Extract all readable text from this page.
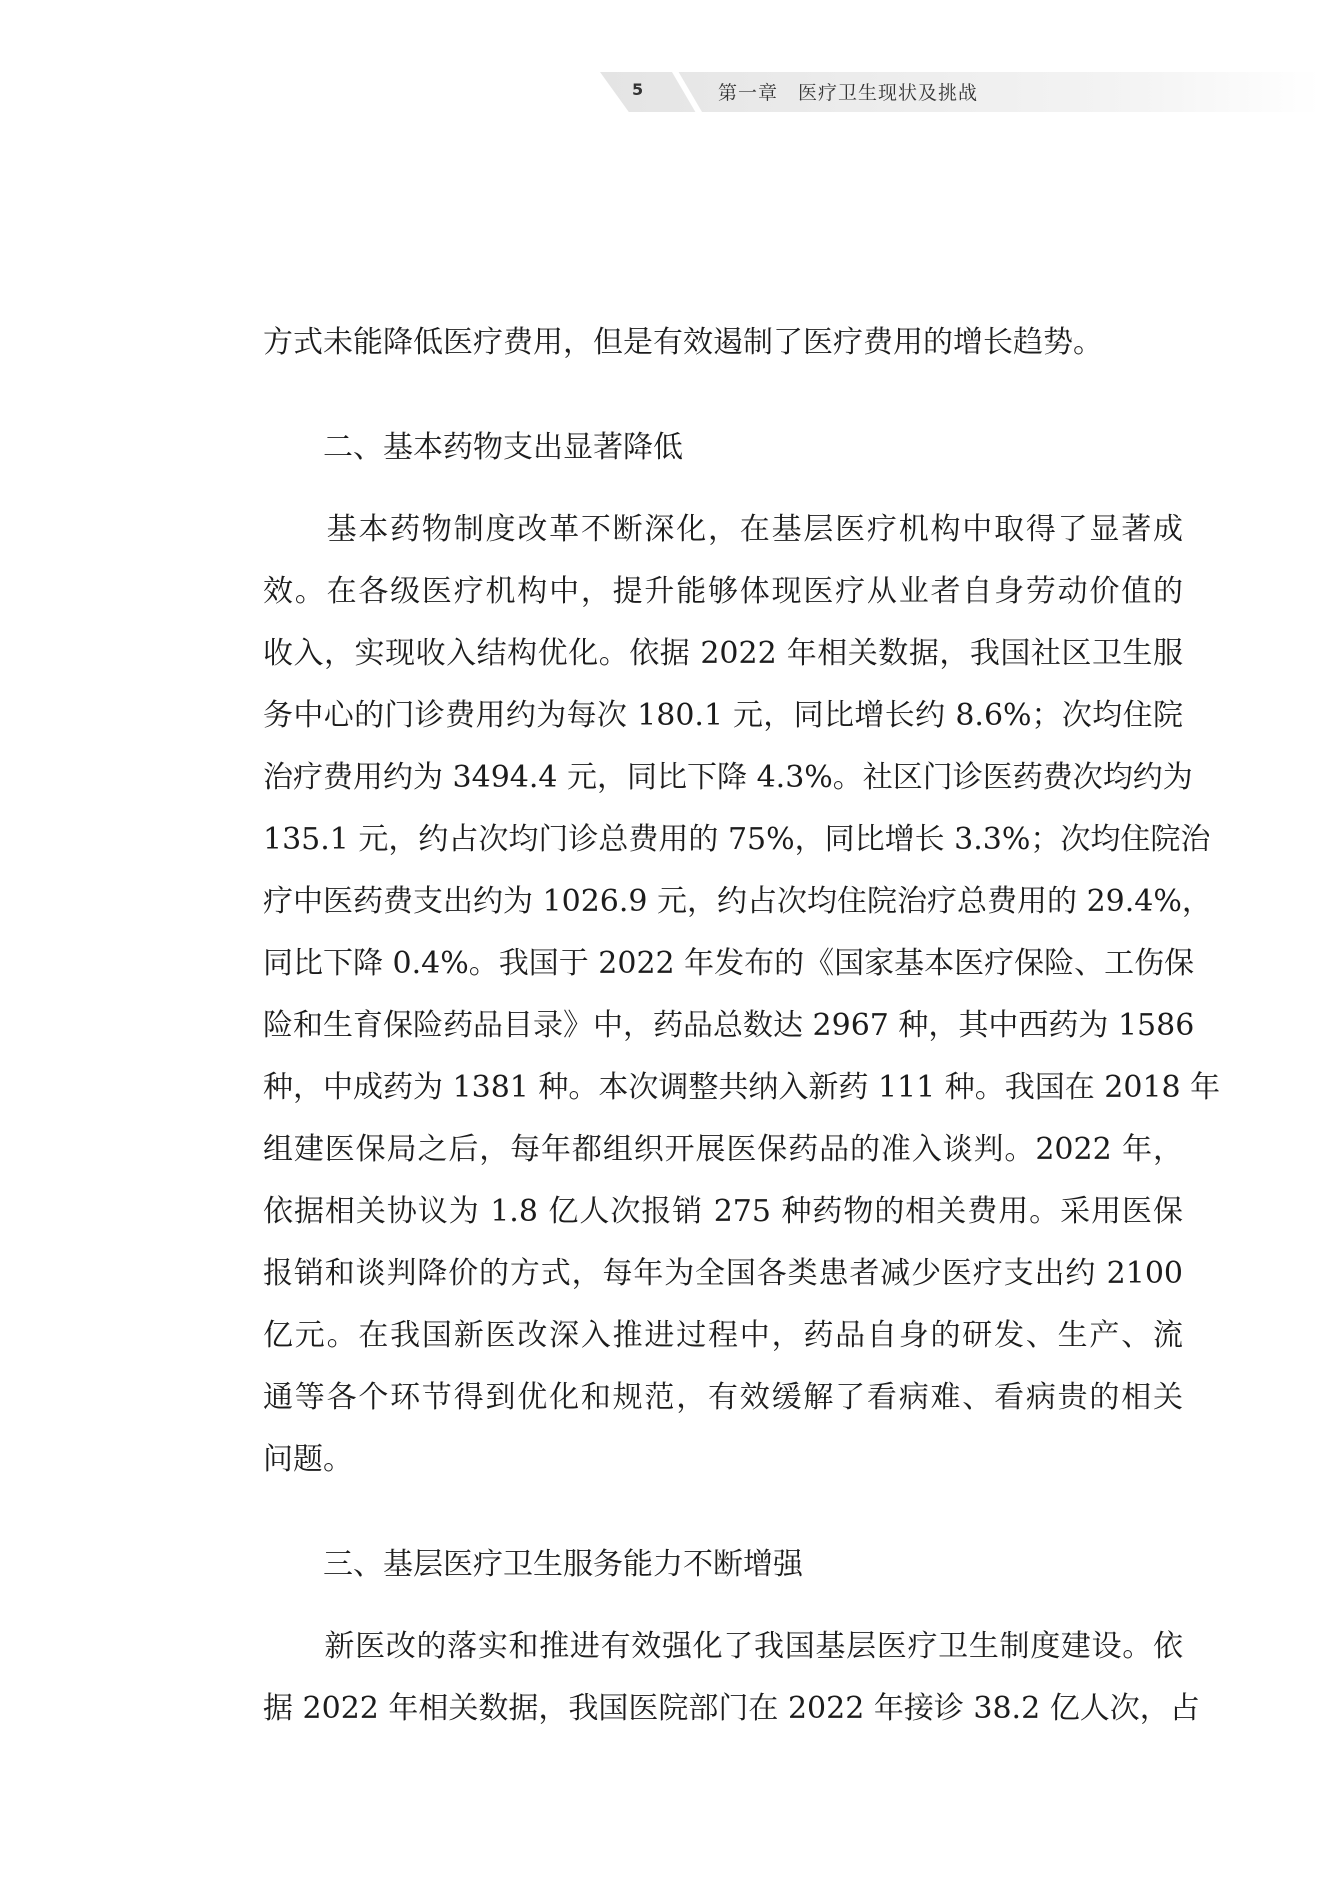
5	第一章　医疗卫生现状及挑战
方式未能降低医疗费用，但是有效遏制了医疗费用的增长趋势。
二、基本药物支出显著降低
　　基本药物制度改革不断深化，在基层医疗机构中取得了显著成
效。在各级医疗机构中，提升能够体现医疗从业者自身劳动价值的
收入，实现收入结构优化。依据 2022 年相关数据，我国社区卫生服
务中心的门诊费用约为每次 180.1 元，同比增长约 8.6%；次均住院
治疗费用约为 3494.4 元，同比下降 4.3%。社区门诊医药费次均约为
135.1 元，约占次均门诊总费用的 75%，同比增长 3.3%；次均住院治
疗中医药费支出约为 1026.9 元，约占次均住院治疗总费用的 29.4%，
同比下降 0.4%。我国于 2022 年发布的《国家基本医疗保险、工伤保
险和生育保险药品目录》中，药品总数达 2967 种，其中西药为 1586
种，中成药为 1381 种。本次调整共纳入新药 111 种。我国在 2018 年
组建医保局之后，每年都组织开展医保药品的准入谈判。2022 年，
依据相关协议为 1.8 亿人次报销 275 种药物的相关费用。采用医保
报销和谈判降价的方式，每年为全国各类患者减少医疗支出约 2100
亿元。在我国新医改深入推进过程中，药品自身的研发、生产、流
通等各个环节得到优化和规范，有效缓解了看病难、看病贵的相关
问题。
三、基层医疗卫生服务能力不断增强
　　新医改的落实和推进有效强化了我国基层医疗卫生制度建设。依
据 2022 年相关数据，我国医院部门在 2022 年接诊 38.2 亿人次，占
